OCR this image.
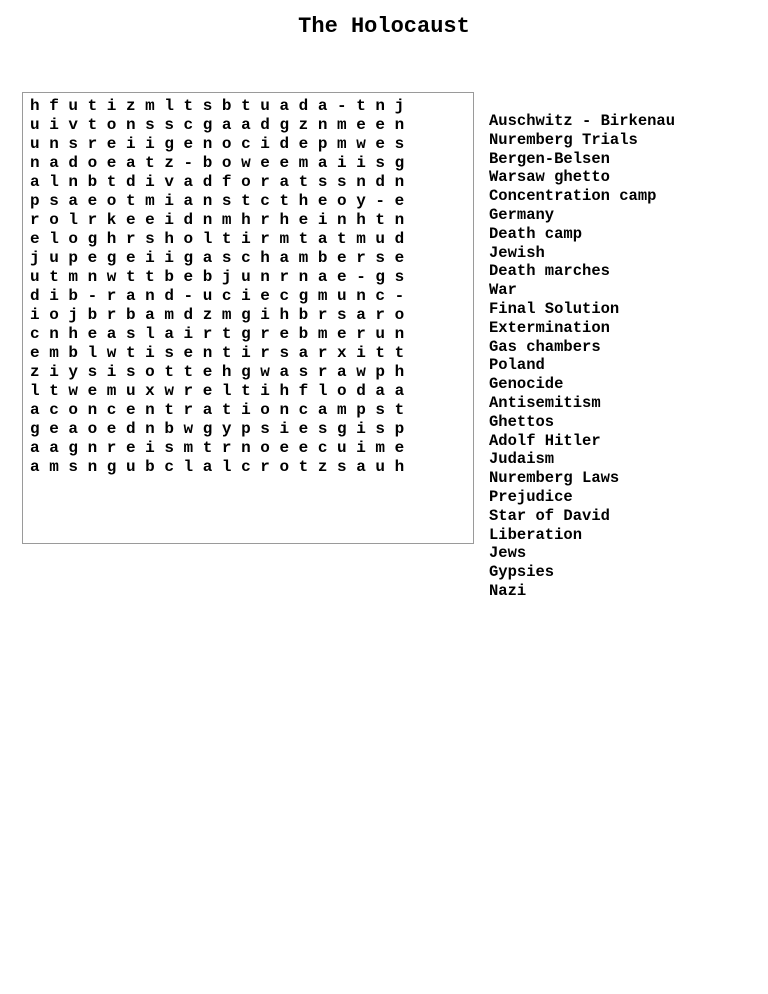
The Holocaust
h f u t i z m l t s b t u a d a - t n j
u i v t o n s s c g a a d g z n m e e n
u n s r e i i g e n o c i d e p m w e s
n a d o e a t z - b o w e e m a i i s g
a l n b t d i v a d f o r a t s s n d n
p s a e o t m i a n s t c t h e o y - e
r o l r k e e i d n m h r h e i n h t n
e l o g h r s h o l t i r m t a t m u d
j u p e g e i i g a s c h a m b e r s e
u t m n w t t b e b j u n r n a e - g s
d i b - r a n d - u c i e c g m u n c -
i o j b r b a m d z m g i h b r s a r o
c n h e a s l a i r t g r e b m e r u n
e m b l w t i s e n t i r s a r x i t t
z i y s i s o t t e h g w a s r a w p h
l t w e m u x w r e l t i h f l o d a a
a c o n c e n t r a t i o n c a m p s t
g e a o e d n b w g y p s i e s g i s p
a a g n r e i s m t r n o e e c u i m e
a m s n g u b c l a l c r o t z s a u h
Auschwitz - Birkenau
Nuremberg Trials
Bergen-Belsen
Warsaw ghetto
Concentration camp
Germany
Death camp
Jewish
Death marches
War
Final Solution
Extermination
Gas chambers
Poland
Genocide
Antisemitism
Ghettos
Adolf Hitler
Judaism
Nuremberg Laws
Prejudice
Star of David
Liberation
Jews
Gypsies
Nazi
